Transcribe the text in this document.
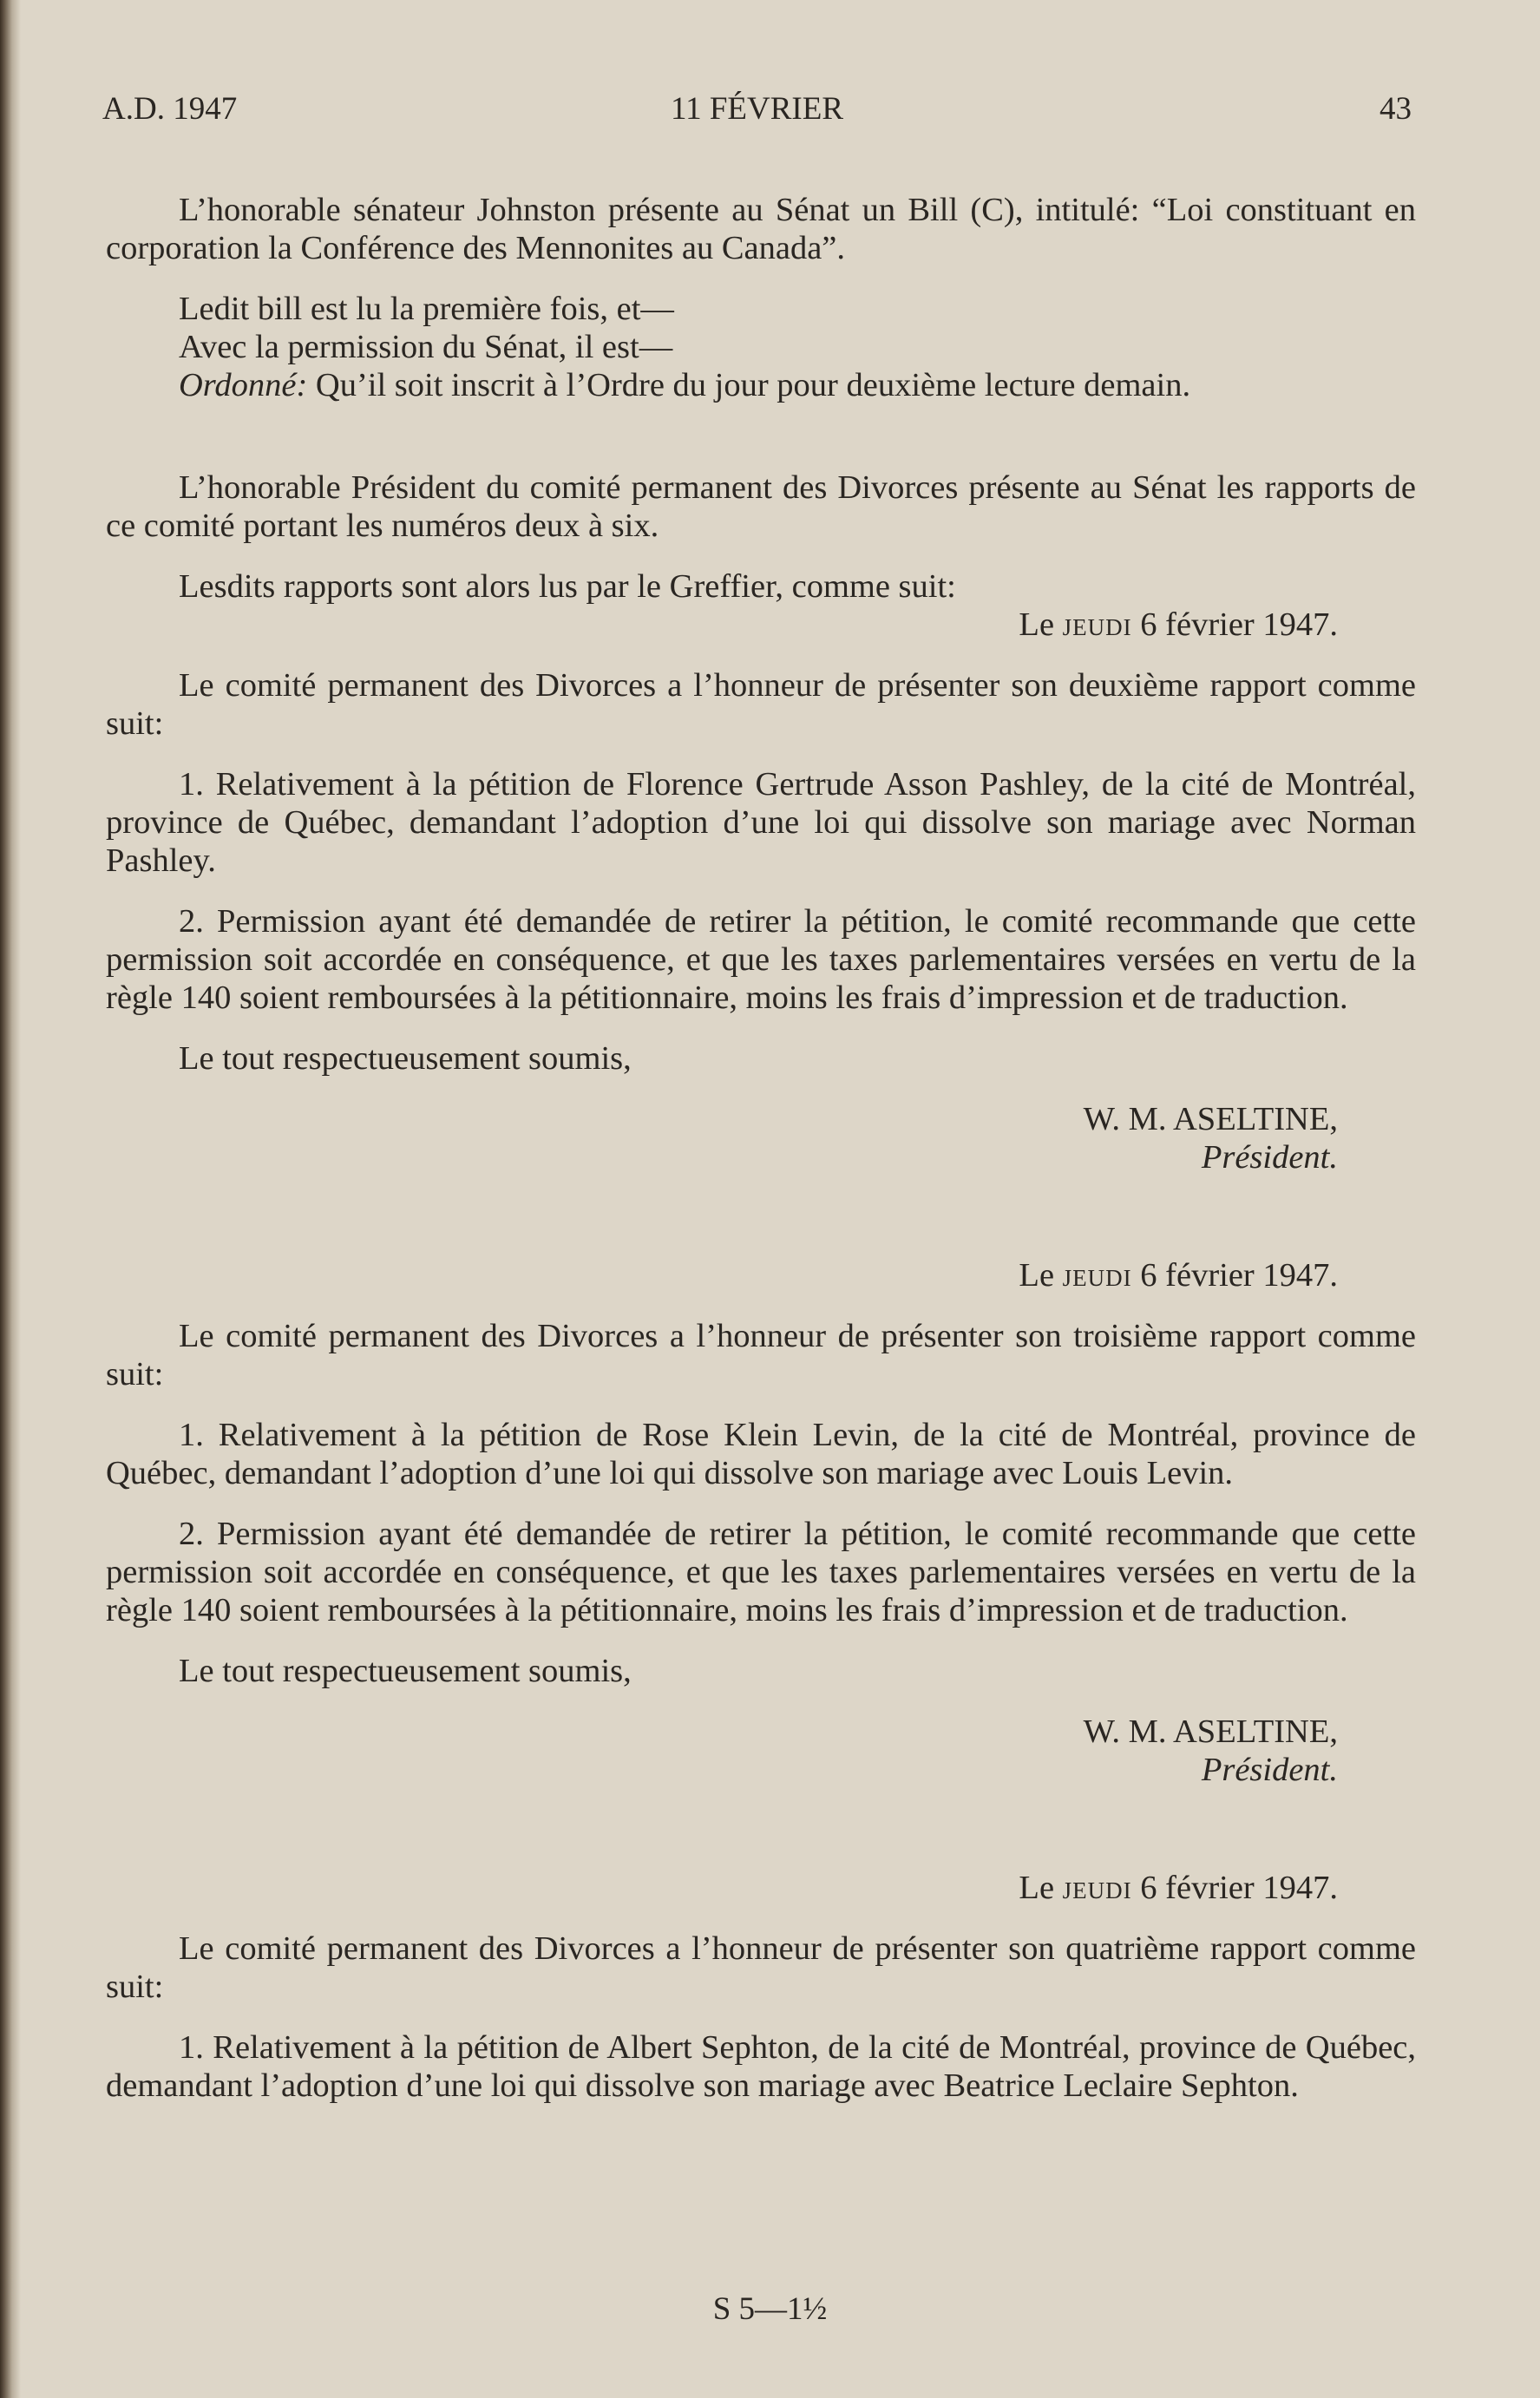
A.D. 1947	11 FÉVRIER	43

L’honorable sénateur Johnston présente au Sénat un Bill (C), intitulé: “Loi constituant en corporation la Conférence des Mennonites au Canada”.

Ledit bill est lu la première fois, et—

Avec la permission du Sénat, il est—

Ordonné: Qu’il soit inscrit à l’Ordre du jour pour deuxième lecture demain.

L’honorable Président du comité permanent des Divorces présente au Sénat les rapports de ce comité portant les numéros deux à six.

Lesdits rapports sont alors lus par le Greffier, comme suit:

Le jeudi 6 février 1947.

Le comité permanent des Divorces a l’honneur de présenter son deuxième rapport comme suit:

1. Relativement à la pétition de Florence Gertrude Asson Pashley, de la cité de Montréal, province de Québec, demandant l’adoption d’une loi qui dissolve son mariage avec Norman Pashley.

2. Permission ayant été demandée de retirer la pétition, le comité recommande que cette permission soit accordée en conséquence, et que les taxes parlementaires versées en vertu de la règle 140 soient remboursées à la pétitionnaire, moins les frais d’impression et de traduction.

Le tout respectueusement soumis,

W. M. ASELTINE,

Président.

Le jeudi 6 février 1947.

Le comité permanent des Divorces a l’honneur de présenter son troisième rapport comme suit:

1. Relativement à la pétition de Rose Klein Levin, de la cité de Montréal, province de Québec, demandant l’adoption d’une loi qui dissolve son mariage avec Louis Levin.

2. Permission ayant été demandée de retirer la pétition, le comité recommande que cette permission soit accordée en conséquence, et que les taxes parlementaires versées en vertu de la règle 140 soient remboursées à la pétitionnaire, moins les frais d’impression et de traduction.

Le tout respectueusement soumis,

W. M. ASELTINE,

Président.

Le jeudi 6 février 1947.

Le comité permanent des Divorces a l’honneur de présenter son quatrième rapport comme suit:

1. Relativement à la pétition de Albert Sephton, de la cité de Montréal, province de Québec, demandant l’adoption d’une loi qui dissolve son mariage avec Beatrice Leclaire Sephton.

S 5—1½
